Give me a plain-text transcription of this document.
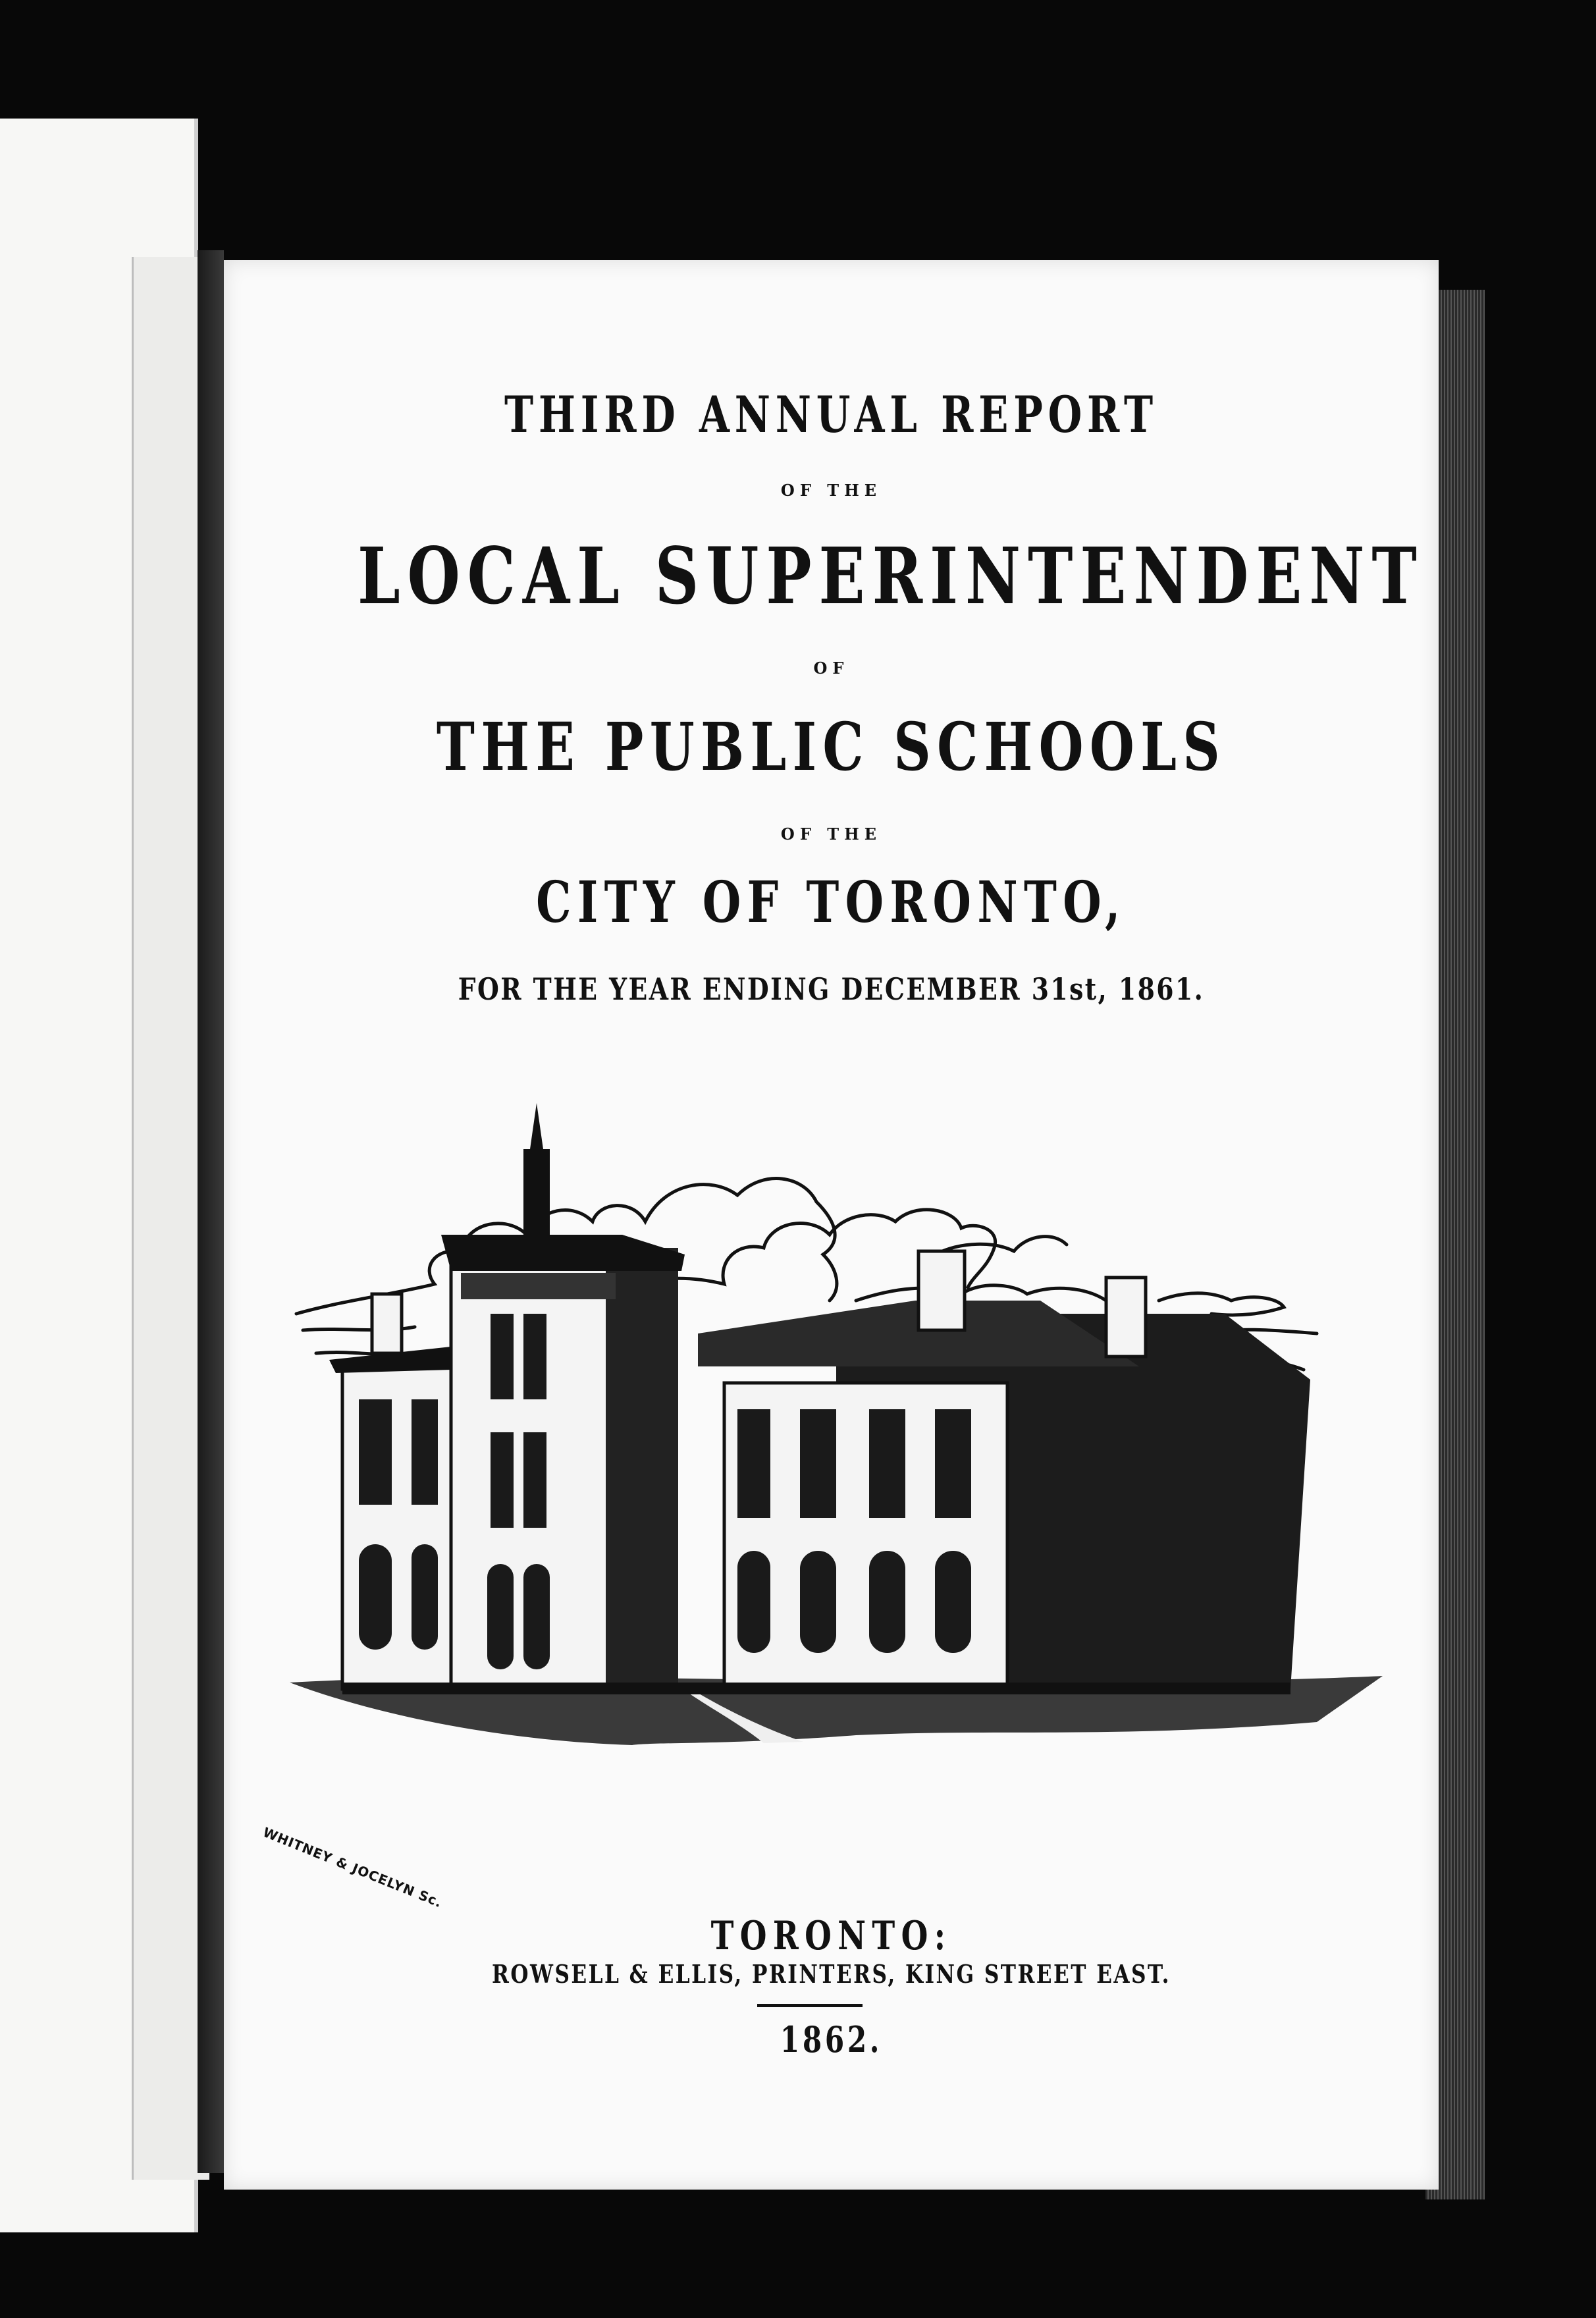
THIRD ANNUAL REPORT
OF THE
LOCAL SUPERINTENDENT
OF
THE PUBLIC SCHOOLS
OF THE
CITY OF TORONTO,
FOR THE YEAR ENDING DECEMBER 31st, 1861.
WHITNEY & JOCELYN Sc.
TORONTO:
ROWSELL & ELLIS, PRINTERS, KING STREET EAST.
1862.
